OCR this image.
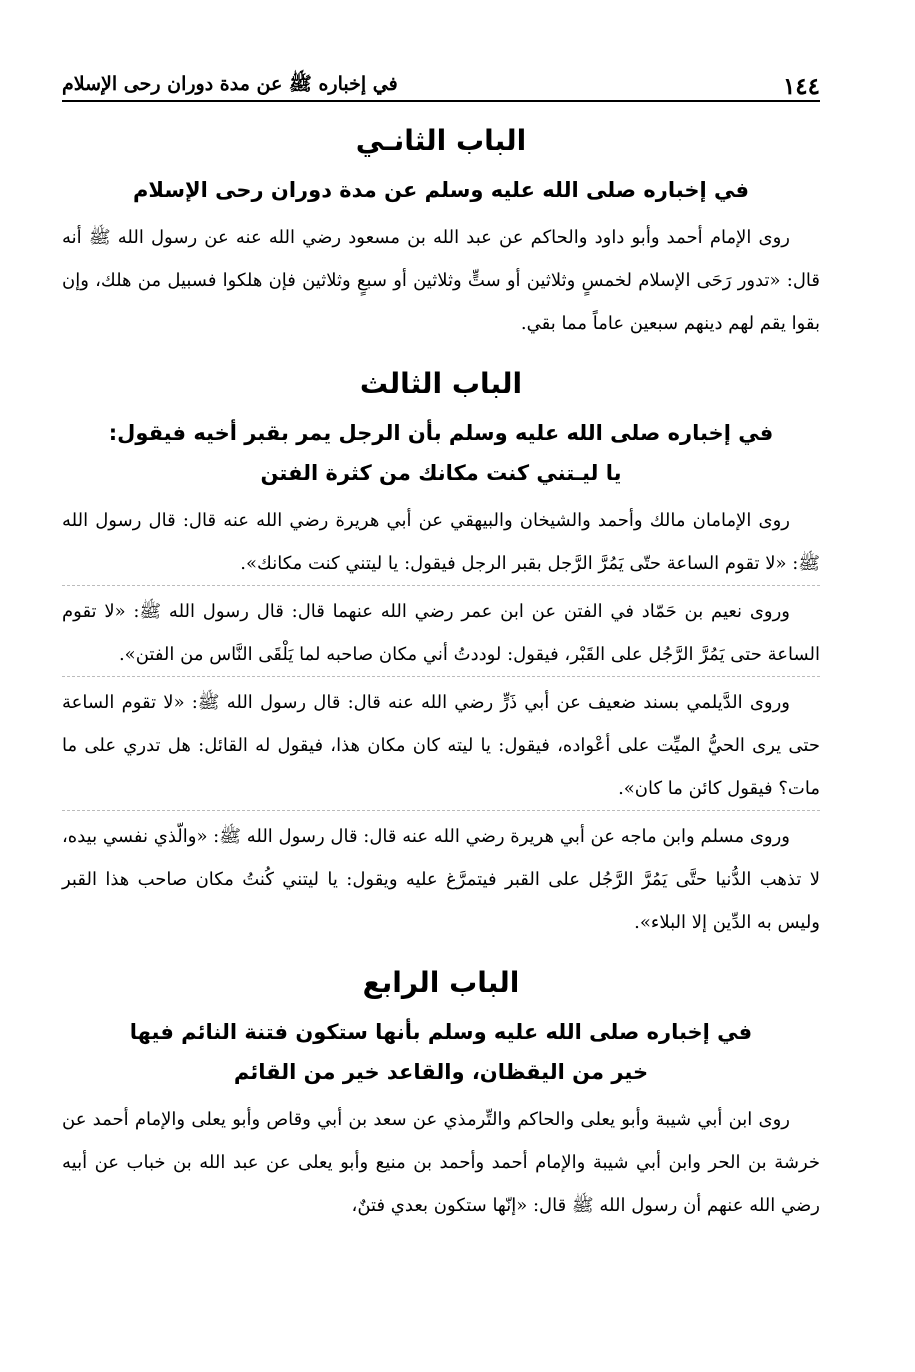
١٤٤
في إخباره ﷺ عن مدة دوران رحى الإسلام
الباب الثانـي
في إخباره صلى الله عليه وسلم عن مدة دوران رحى الإسلام

روى الإمام أحمد وأبو داود والحاكم عن عبد الله بن مسعود رضي الله عنه عن رسول الله ﷺ أنه قال: «تدور رَحَى الإسلام لخمسٍ وثلاثين أو ستٍّ وثلاثين أو سبعٍ وثلاثين فإن هلكوا فسبيل من هلك، وإن بقوا يقم لهم دينهم سبعين عاماً مما بقي.

الباب الثالث
في إخباره صلى الله عليه وسلم بأن الرجل يمر بقبر أخيه فيقول:
يا ليـتني كنت مكانك من كثرة الفتن

روى الإمامان مالك وأحمد والشيخان والبيهقي عن أبي هريرة رضي الله عنه قال: قال رسول الله ﷺ: «لا تقوم الساعة حتّى يَمُرَّ الرَّجل بقبر الرجل فيقول: يا ليتني كنت مكانك».

وروى نعيم بن حَمّاد في الفتن عن ابن عمر رضي الله عنهما قال: قال رسول الله ﷺ: «لا تقوم الساعة حتى يَمُرَّ الرَّجُل على القَبْر، فيقول: لوددتُ أني مكان صاحبه لما يَلْقَى النَّاس من الفتن».

وروى الدَّيلمي بسند ضعيف عن أبي ذَرٍّ رضي الله عنه قال: قال رسول الله ﷺ: «لا تقوم الساعة حتى يرى الحيُّ الميِّت على أعْواده، فيقول: يا ليته كان مكان هذا، فيقول له القائل: هل تدري على ما مات؟ فيقول كائن ما كان».

وروى مسلم وابن ماجه عن أبي هريرة رضي الله عنه قال: قال رسول الله ﷺ: «والّذي نفسي بيده، لا تذهب الدُّنيا حتَّى يَمُرَّ الرَّجُل على القبر فيتمرَّغ عليه ويقول: يا ليتني كُنتُ مكان صاحب هذا القبر وليس به الدِّين إلا البلاء».

الباب الرابع
في إخباره صلى الله عليه وسلم بأنها ستكون فتنة النائم فيها
خير من اليقظان، والقاعد خير من القائم

روى ابن أبي شيبة وأبو يعلى والحاكم والتِّرمذي عن سعد بن أبي وقاص وأبو يعلى والإمام أحمد عن خرشة بن الحر وابن أبي شيبة والإمام أحمد وأحمد بن منيع وأبو يعلى عن عبد الله بن خباب عن أبيه رضي الله عنهم أن رسول الله ﷺ قال: «إنّها ستكون بعدي فتنٌ،
